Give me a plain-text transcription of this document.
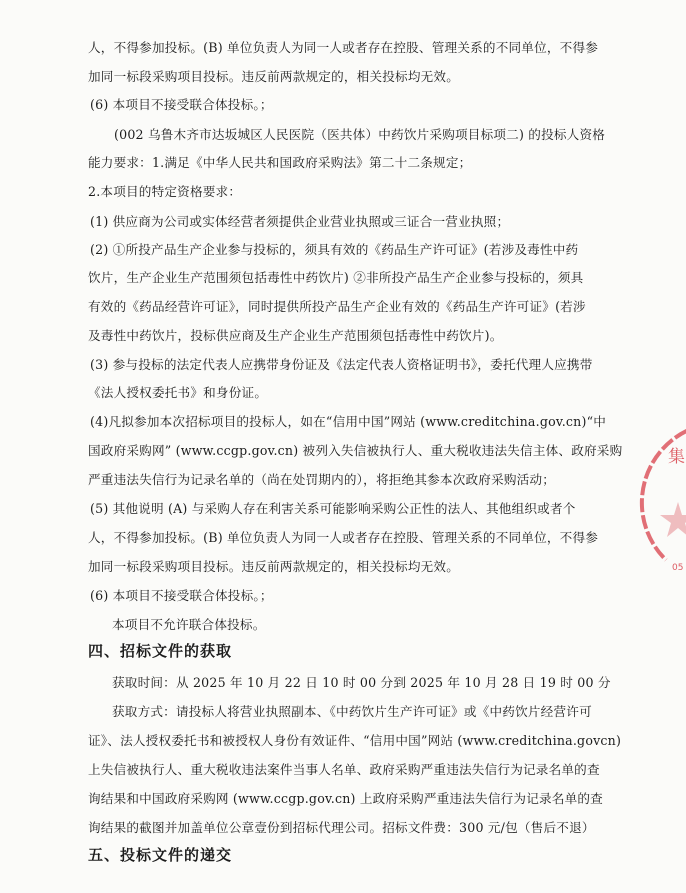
人，不得参加投标。(B) 单位负责人为同一人或者存在控股、管理关系的不同单位，不得参
加同一标段采购项目投标。违反前两款规定的，相关投标均无效。
(6) 本项目不接受联合体投标。；
(002 乌鲁木齐市达坂城区人民医院（医共体）中药饮片采购项目标项二) 的投标人资格
能力要求：1.满足《中华人民共和国政府采购法》第二十二条规定；
2.本项目的特定资格要求：
(1) 供应商为公司或实体经营者须提供企业营业执照或三证合一营业执照；
(2) ①所投产品生产企业参与投标的，须具有效的《药品生产许可证》(若涉及毒性中药
饮片，生产企业生产范围须包括毒性中药饮片) ②非所投产品生产企业参与投标的，须具
有效的《药品经营许可证》，同时提供所投产品生产企业有效的《药品生产许可证》(若涉
及毒性中药饮片，投标供应商及生产企业生产范围须包括毒性中药饮片)。
(3) 参与投标的法定代表人应携带身份证及《法定代表人资格证明书》，委托代理人应携带
《法人授权委托书》和身份证。
(4)凡拟参加本次招标项目的投标人，如在“信用中国”网站 (www.creditchina.gov.cn)“中
国政府采购网” (www.ccgp.gov.cn) 被列入失信被执行人、重大税收违法失信主体、政府采购
严重违法失信行为记录名单的（尚在处罚期内的），将拒绝其参本次政府采购活动；
(5) 其他说明 (A) 与采购人存在利害关系可能影响采购公正性的法人、其他组织或者个
人，不得参加投标。(B) 单位负责人为同一人或者存在控股、管理关系的不同单位，不得参
加同一标段采购项目投标。违反前两款规定的，相关投标均无效。
(6) 本项目不接受联合体投标。；
本项目不允许联合体投标。
获取时间：从 2025 年 10 月 22 日 10 时 00 分到 2025 年 10 月 28 日 19 时 00 分
获取方式：请投标人将营业执照副本、《中药饮片生产许可证》或《中药饮片经营许可
证》、法人授权委托书和被授权人身份有效证件、“信用中国”网站 (www.creditchina.govcn)
上失信被执行人、重大税收违法案件当事人名单、政府采购严重违法失信行为记录名单的查
询结果和中国政府采购网 (www.ccgp.gov.cn) 上政府采购严重违法失信行为记录名单的查
询结果的截图并加盖单位公章壹份到招标代理公司。招标文件费：300 元/包（售后不退）
四、招标文件的获取
五、投标文件的递交
集
05
